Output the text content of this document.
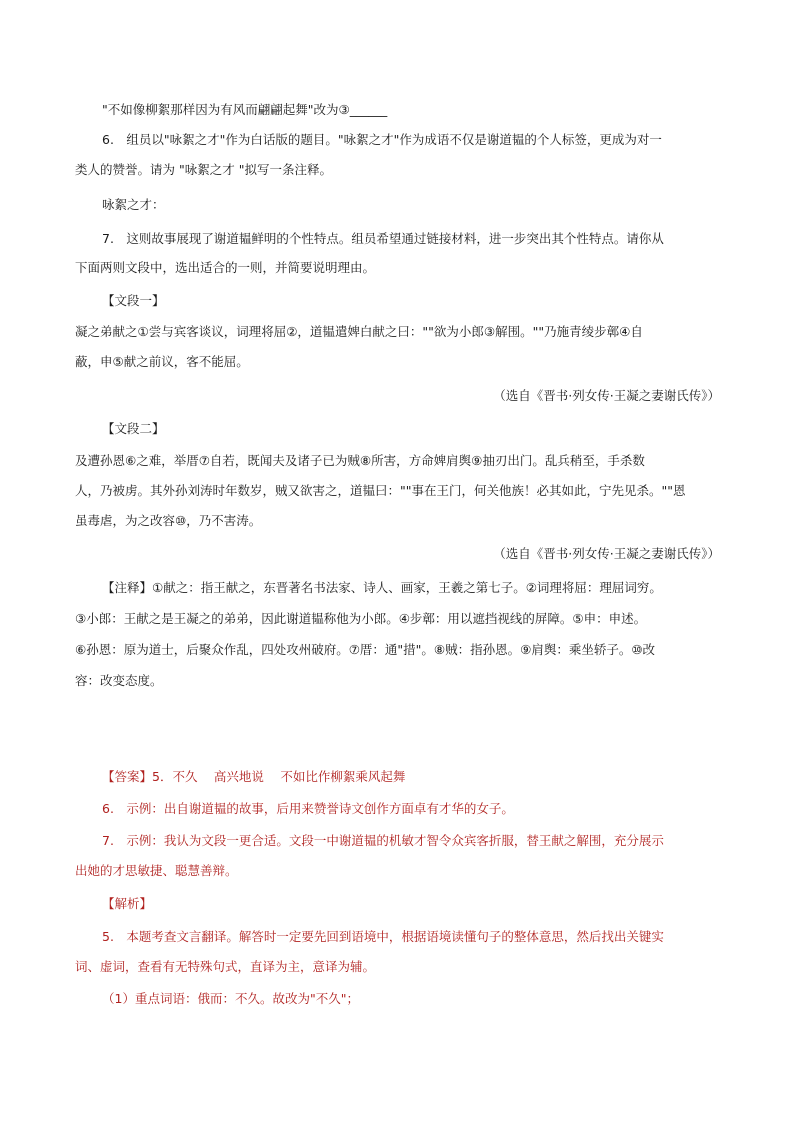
"不如像柳絮那样因为有风而翩翩起舞"改为③______
6.　组员以"咏絮之才"作为白话版的题目。"咏絮之才"作为成语不仅是谢道韫的个人标签，更成为对一
类人的赞誉。请为 "咏絮之才 "拟写一条注释。
咏絮之才：
7.　这则故事展现了谢道韫鲜明的个性特点。组员希望通过链接材料，进一步突出其个性特点。请你从
下面两则文段中，选出适合的一则，并简要说明理由。
【文段一】
凝之弟献之①尝与宾客谈议，词理将屈②，道韫遣婢白献之曰：""欲为小郎③解围。""乃施青绫步鄣④自
蔽，申⑤献之前议，客不能屈。
（选自《晋书·列女传·王凝之妻谢氏传》）
【文段二】
及遭孙恩⑥之难，举厝⑦自若，既闻夫及诸子已为贼⑧所害，方命婢肩舆⑨抽刃出门。乱兵稍至，手杀数
人，乃被虏。其外孙刘涛时年数岁，贼又欲害之，道韫曰：""事在王门，何关他族！必其如此，宁先见杀。""恩
虽毒虐，为之改容⑩，乃不害涛。
（选自《晋书·列女传·王凝之妻谢氏传》）
【注释】①献之：指王献之，东晋著名书法家、诗人、画家，王羲之第七子。②词理将屈：理屈词穷。
③小郎：王献之是王凝之的弟弟，因此谢道韫称他为小郎。④步鄣：用以遮挡视线的屏障。⑤申：申述。
⑥孙恩：原为道士，后聚众作乱，四处攻州破府。⑦厝：通"措"。⑧贼：指孙恩。⑨肩舆：乘坐轿子。⑩改
容：改变态度。
【答案】5．不久　 高兴地说　 不如比作柳絮乘风起舞
6.　示例：出自谢道韫的故事，后用来赞誉诗文创作方面卓有才华的女子。
7.　示例：我认为文段一更合适。文段一中谢道韫的机敏才智令众宾客折服，替王献之解围，充分展示
出她的才思敏捷、聪慧善辩。
【解析】
5.　本题考查文言翻译。解答时一定要先回到语境中，根据语境读懂句子的整体意思，然后找出关键实
词、虚词，查看有无特殊句式，直译为主，意译为辅。
（1）重点词语：俄而：不久。故改为"不久"；
